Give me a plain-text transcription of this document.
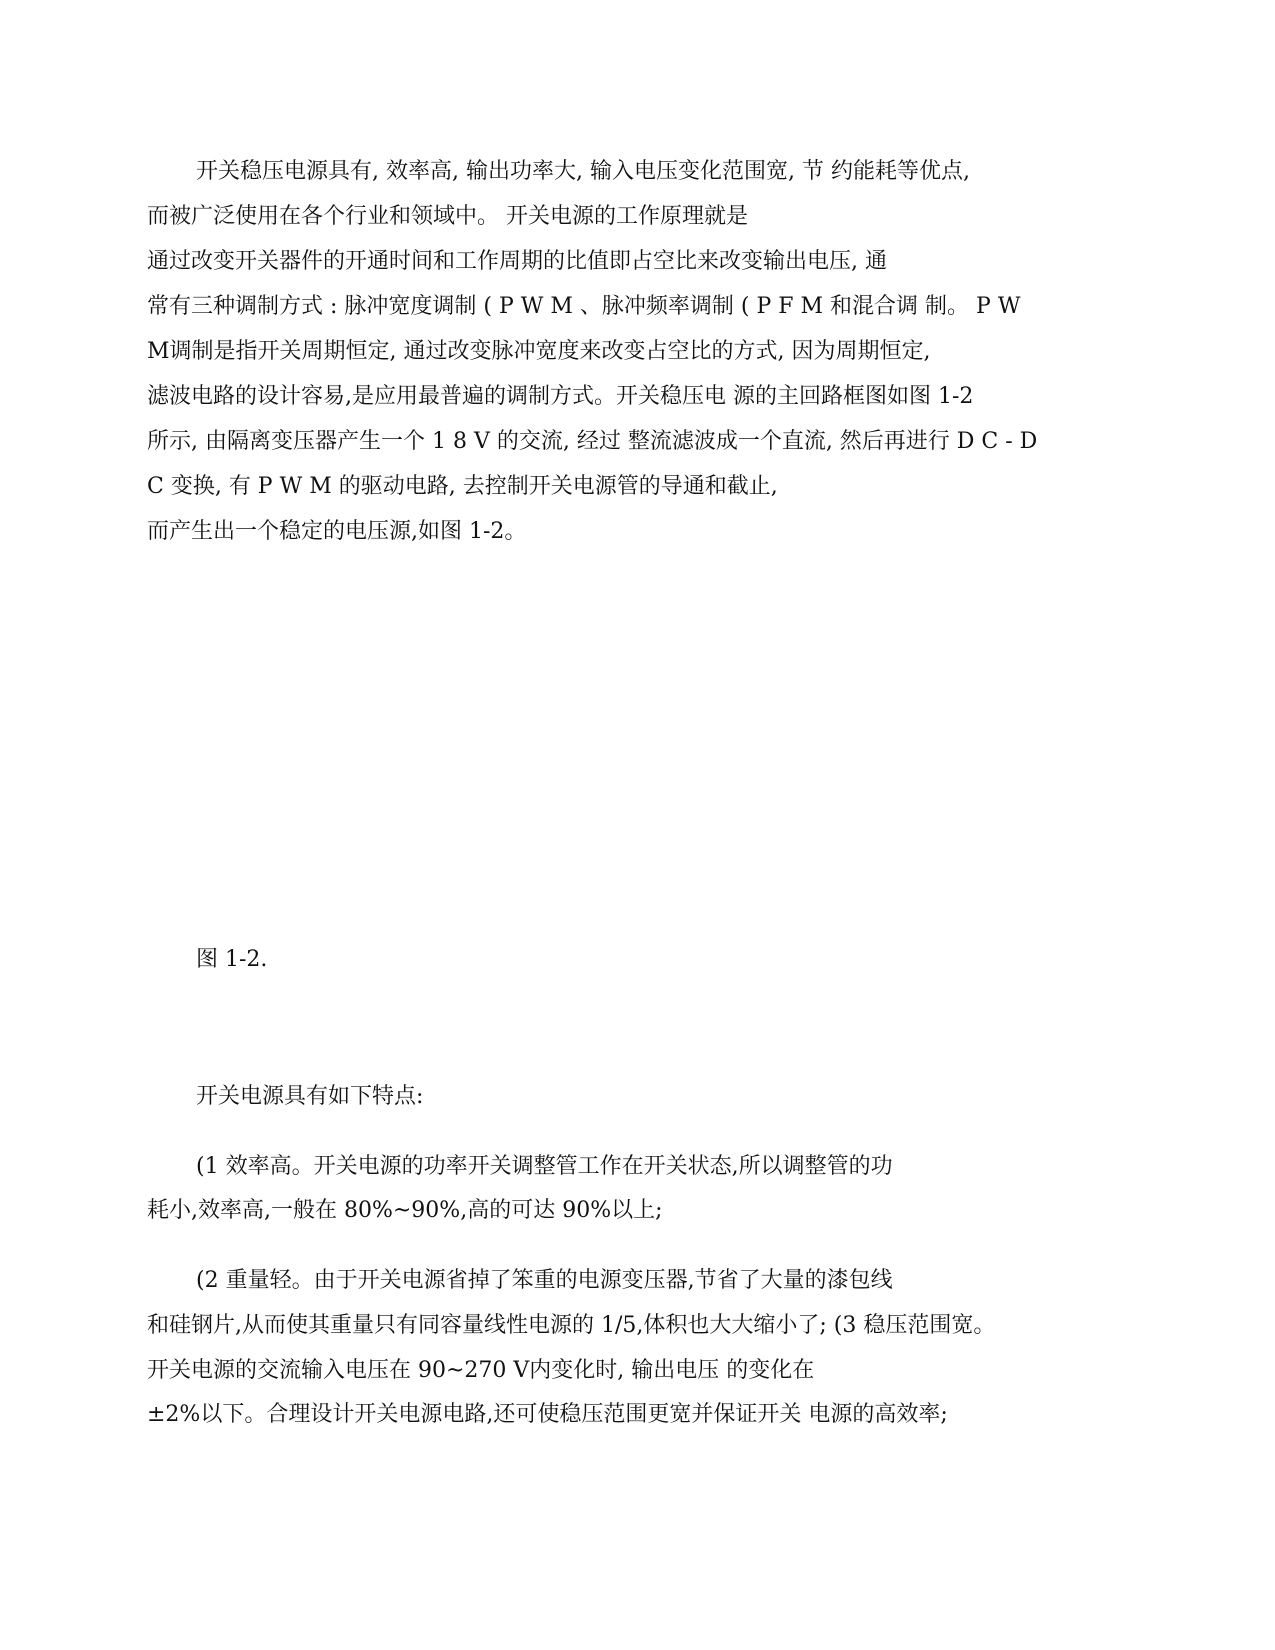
开关稳压电源具有, 效率高, 输出功率大, 输入电压变化范围宽, 节 约能耗等优点,
而被广泛使用在各个行业和领域中。 开关电源的工作原理就是
通过改变开关器件的开通时间和工作周期的比值即占空比来改变输出电压, 通
常有三种调制方式 : 脉冲宽度调制 ( P W M 、脉冲频率调制 ( P F M 和混合调 制。 P W
M调制是指开关周期恒定, 通过改变脉冲宽度来改变占空比的方式, 因为周期恒定,
滤波电路的设计容易,是应用最普遍的调制方式。开关稳压电 源的主回路框图如图 1-2
所示, 由隔离变压器产生一个 1 8 V 的交流, 经过 整流滤波成一个直流, 然后再进行 D C - D
C 变换, 有 P W M 的驱动电路, 去控制开关电源管的导通和截止,
而产生出一个稳定的电压源,如图 1-2。
图 1-2.
开关电源具有如下特点:
(1 效率高。开关电源的功率开关调整管工作在开关状态,所以调整管的功
耗小,效率高,一般在 80%~90%,高的可达 90%以上;
(2 重量轻。由于开关电源省掉了笨重的电源变压器,节省了大量的漆包线
和硅钢片,从而使其重量只有同容量线性电源的 1/5,体积也大大缩小了; (3 稳压范围宽。
开关电源的交流输入电压在 90~270 V内变化时, 输出电压 的变化在
±2%以下。合理设计开关电源电路,还可使稳压范围更宽并保证开关 电源的高效率;
